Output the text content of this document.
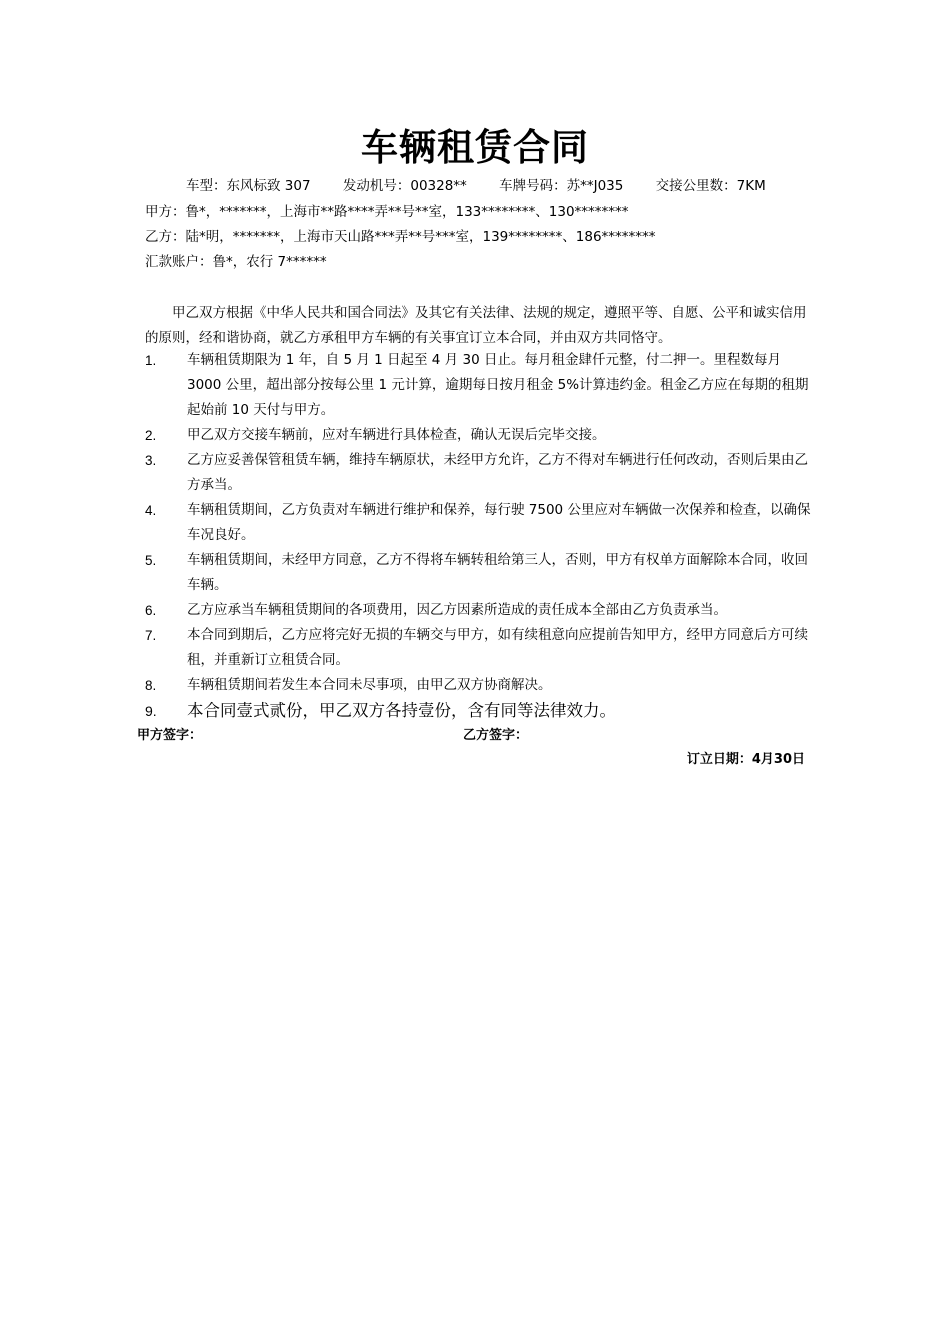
车辆租赁合同
车型：东风标致 307 发动机号：00328** 车牌号码：苏**J035 交接公里数：7KM
甲方：鲁*，*******，上海市**路****弄**号**室，133********、130********
乙方：陆*明，*******，上海市天山路***弄**号***室，139********、186********
汇款账户：鲁*，农行 7******
甲乙双方根据《中华人民共和国合同法》及其它有关法律、法规的规定，遵照平等、自愿、公平和诚实信用的原则，经和谐协商，就乙方承租甲方车辆的有关事宜订立本合同，并由双方共同恪守。
1. 车辆租赁期限为 1 年，自 5 月 1 日起至 4 月 30 日止。每月租金肆仟元整，付二押一。里程数每月 3000 公里，超出部分按每公里 1 元计算，逾期每日按月租金 5%计算违约金。租金乙方应在每期的租期起始前 10 天付与甲方。
2. 甲乙双方交接车辆前，应对车辆进行具体检查，确认无误后完毕交接。
3. 乙方应妥善保管租赁车辆，维持车辆原状，未经甲方允许，乙方不得对车辆进行任何改动，否则后果由乙方承当。
4. 车辆租赁期间，乙方负责对车辆进行维护和保养，每行驶 7500 公里应对车辆做一次保养和检查，以确保车况良好。
5. 车辆租赁期间，未经甲方同意，乙方不得将车辆转租给第三人，否则，甲方有权单方面解除本合同，收回车辆。
6. 乙方应承当车辆租赁期间的各项费用，因乙方因素所造成的责任成本全部由乙方负责承当。
7. 本合同到期后，乙方应将完好无损的车辆交与甲方，如有续租意向应提前告知甲方，经甲方同意后方可续租，并重新订立租赁合同。
8. 车辆租赁期间若发生本合同未尽事项，由甲乙双方协商解决。
9. 本合同壹式贰份，甲乙双方各持壹份，含有同等法律效力。
甲方签字：	乙方签字：
订立日期：4月30日
